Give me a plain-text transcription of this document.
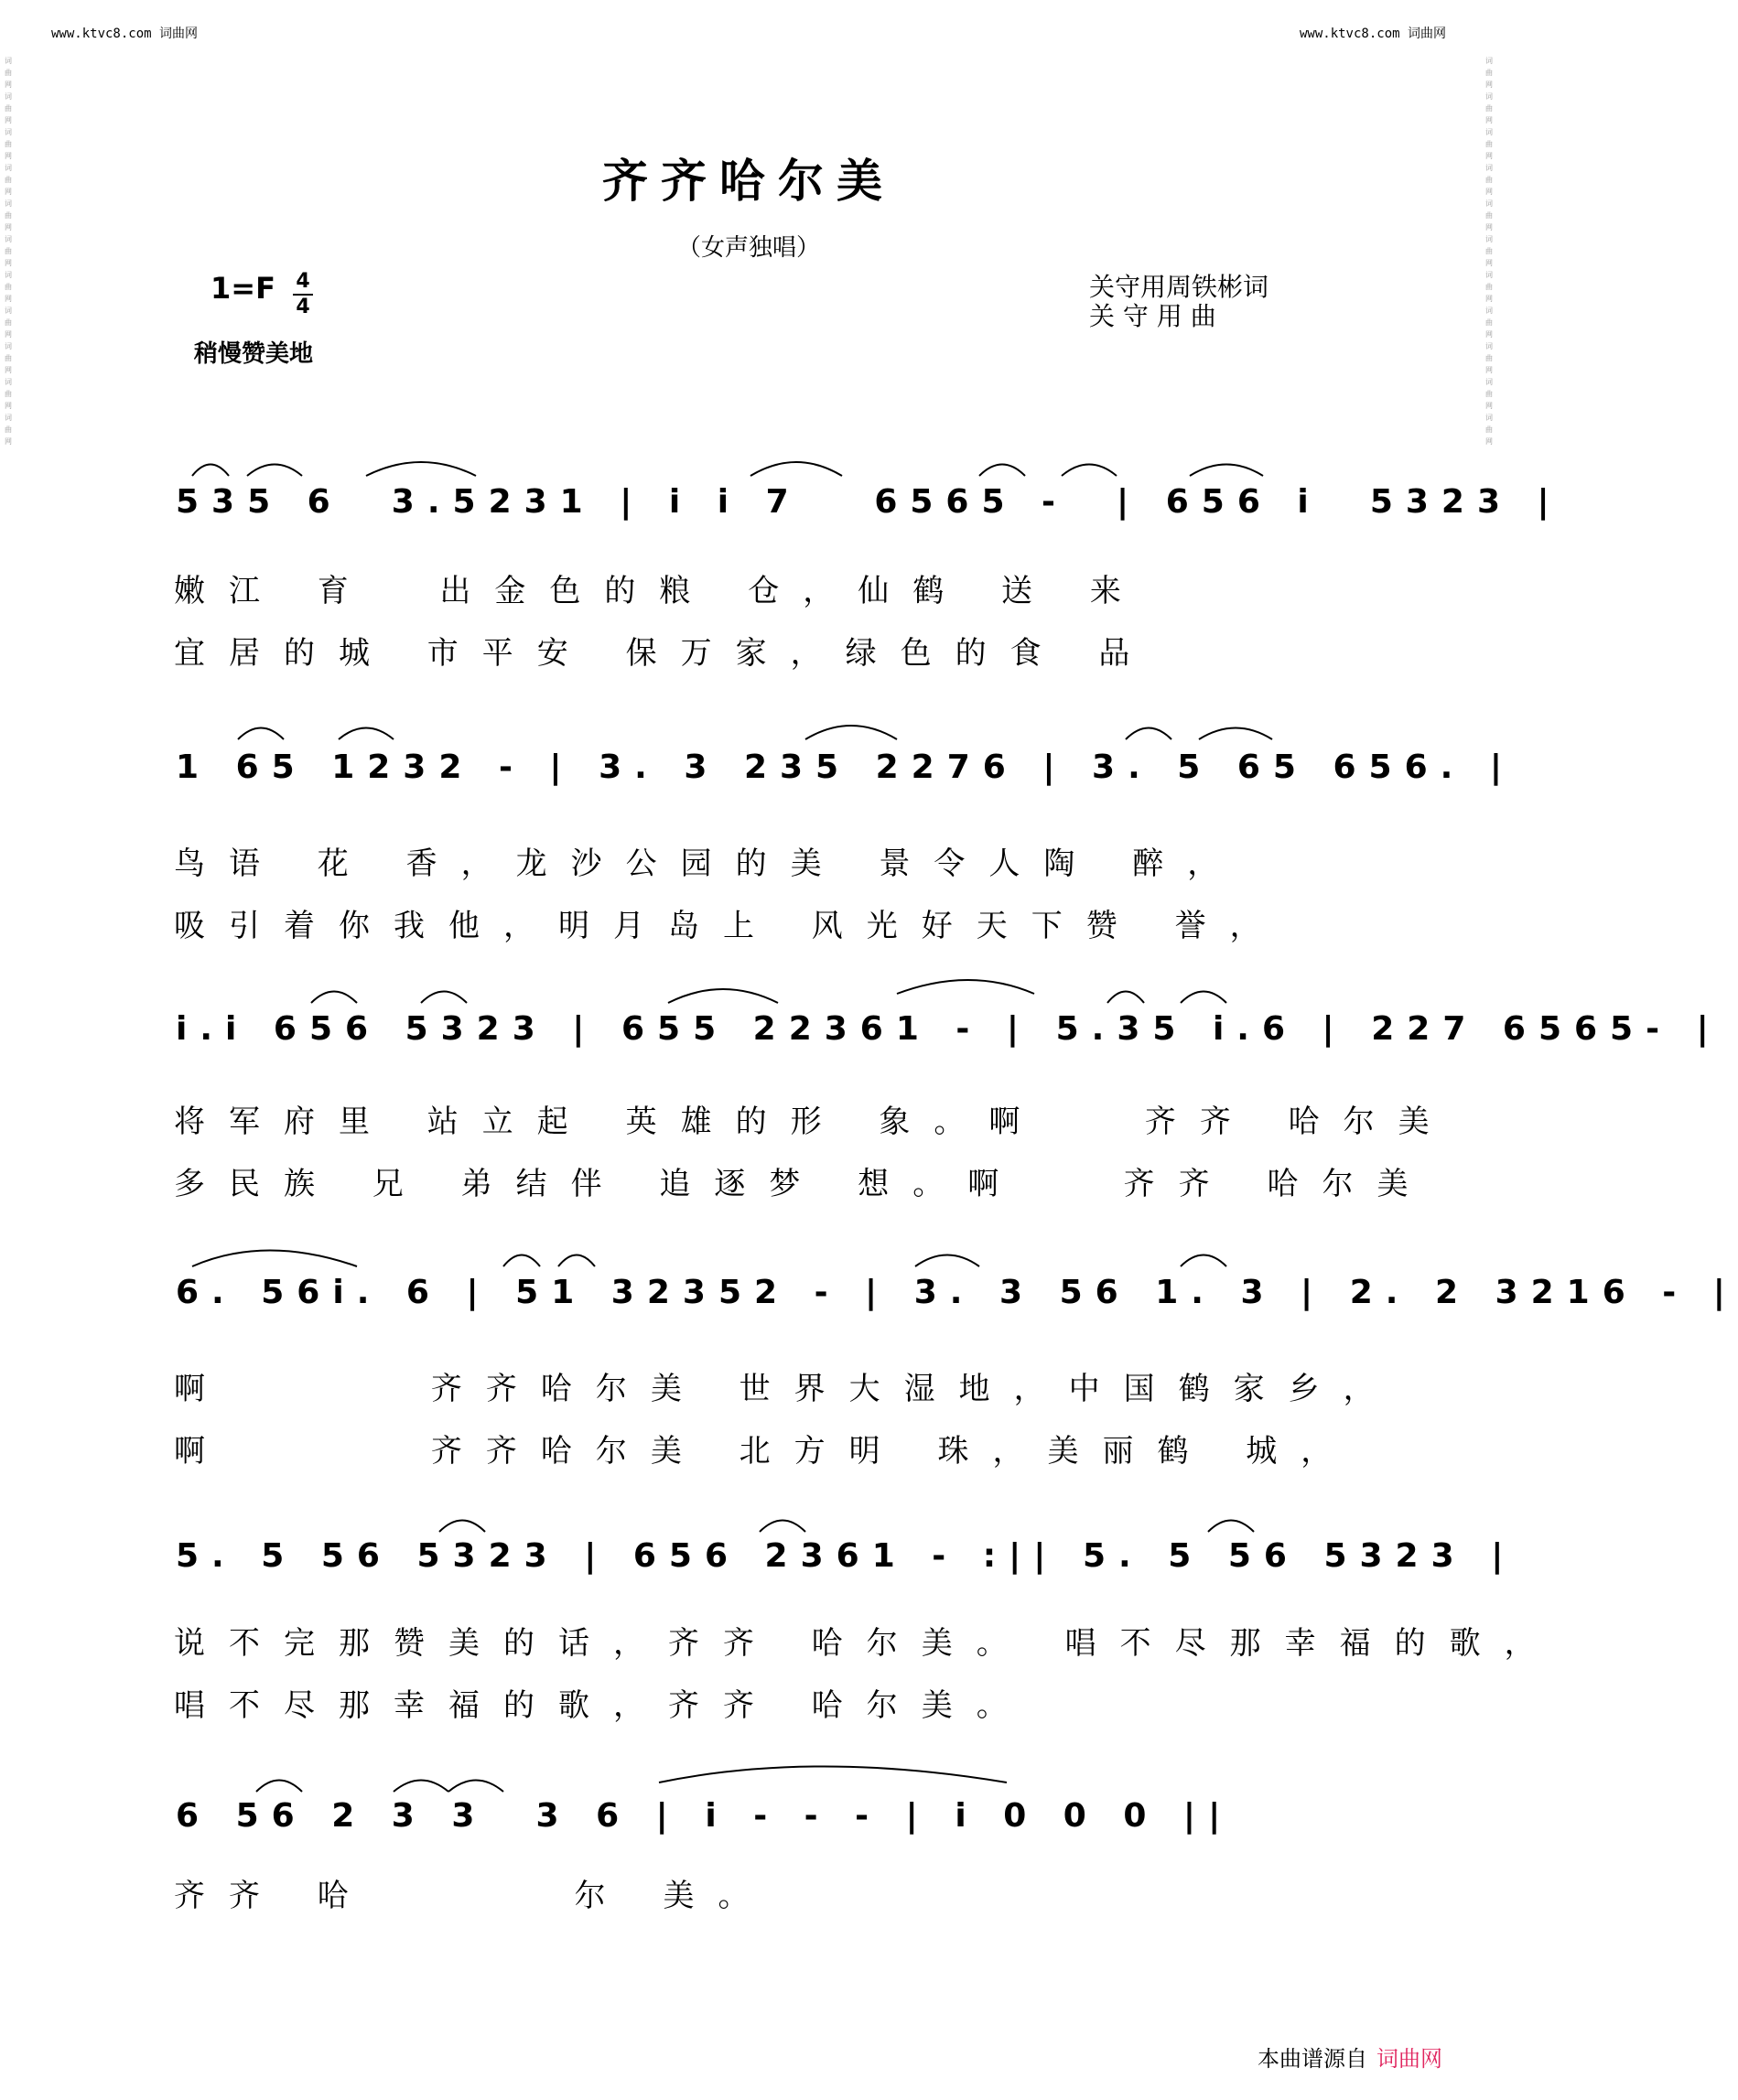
www.ktvc8.com 词曲网	www.ktvc8.com 词曲网
词曲网词曲网词曲网词曲网词曲网词曲网词曲网词曲网词曲网词曲网词曲网
词曲网词曲网词曲网词曲网词曲网词曲网词曲网词曲网词曲网词曲网词曲网
齐齐哈尔美
（女声独唱）
1=F 4
4
稍慢赞美地
关守用周铁彬词
关 守 用 曲
535 6  3.5231 | i i 7   6565 -  | 656 i  5323 |
嫩江 育  出金色的粮 仓，仙鹤 送 来
宜居的城 市平安 保万家，绿色的食 品
1 65 1232 - | 3. 3 235 2276 | 3. 5 65 656. |
鸟语 花 香，龙沙公园的美 景令人陶 醉，
吸引着你我他，明月岛上 风光好天下赞 誉，
i.i 656 5323 | 655 22361 - | 5.35 i.6 | 227 6565- |
将军府里 站立起 英雄的形 象。啊   齐齐 哈尔美
多民族 兄 弟结伴 追逐梦 想。啊   齐齐 哈尔美
6. 56i. 6 | 51 32352 - | 3. 3 56 1. 3 | 2. 2 3216 - |
啊      齐齐哈尔美 世界大湿地，中国鹤家乡，
啊      齐齐哈尔美 北方明 珠，美丽鹤 城，
5. 5 56 5323 | 656 2361 - :|| 5. 5 56 5323 |
说不完那赞美的话，齐齐 哈尔美。 唱不尽那幸福的歌，
唱不尽那幸福的歌，齐齐 哈尔美。
6 56 2 3 3  3 6 | i - - - | i 0 0 0 ||
齐齐 哈      尔 美。
本曲谱源自 词曲网
